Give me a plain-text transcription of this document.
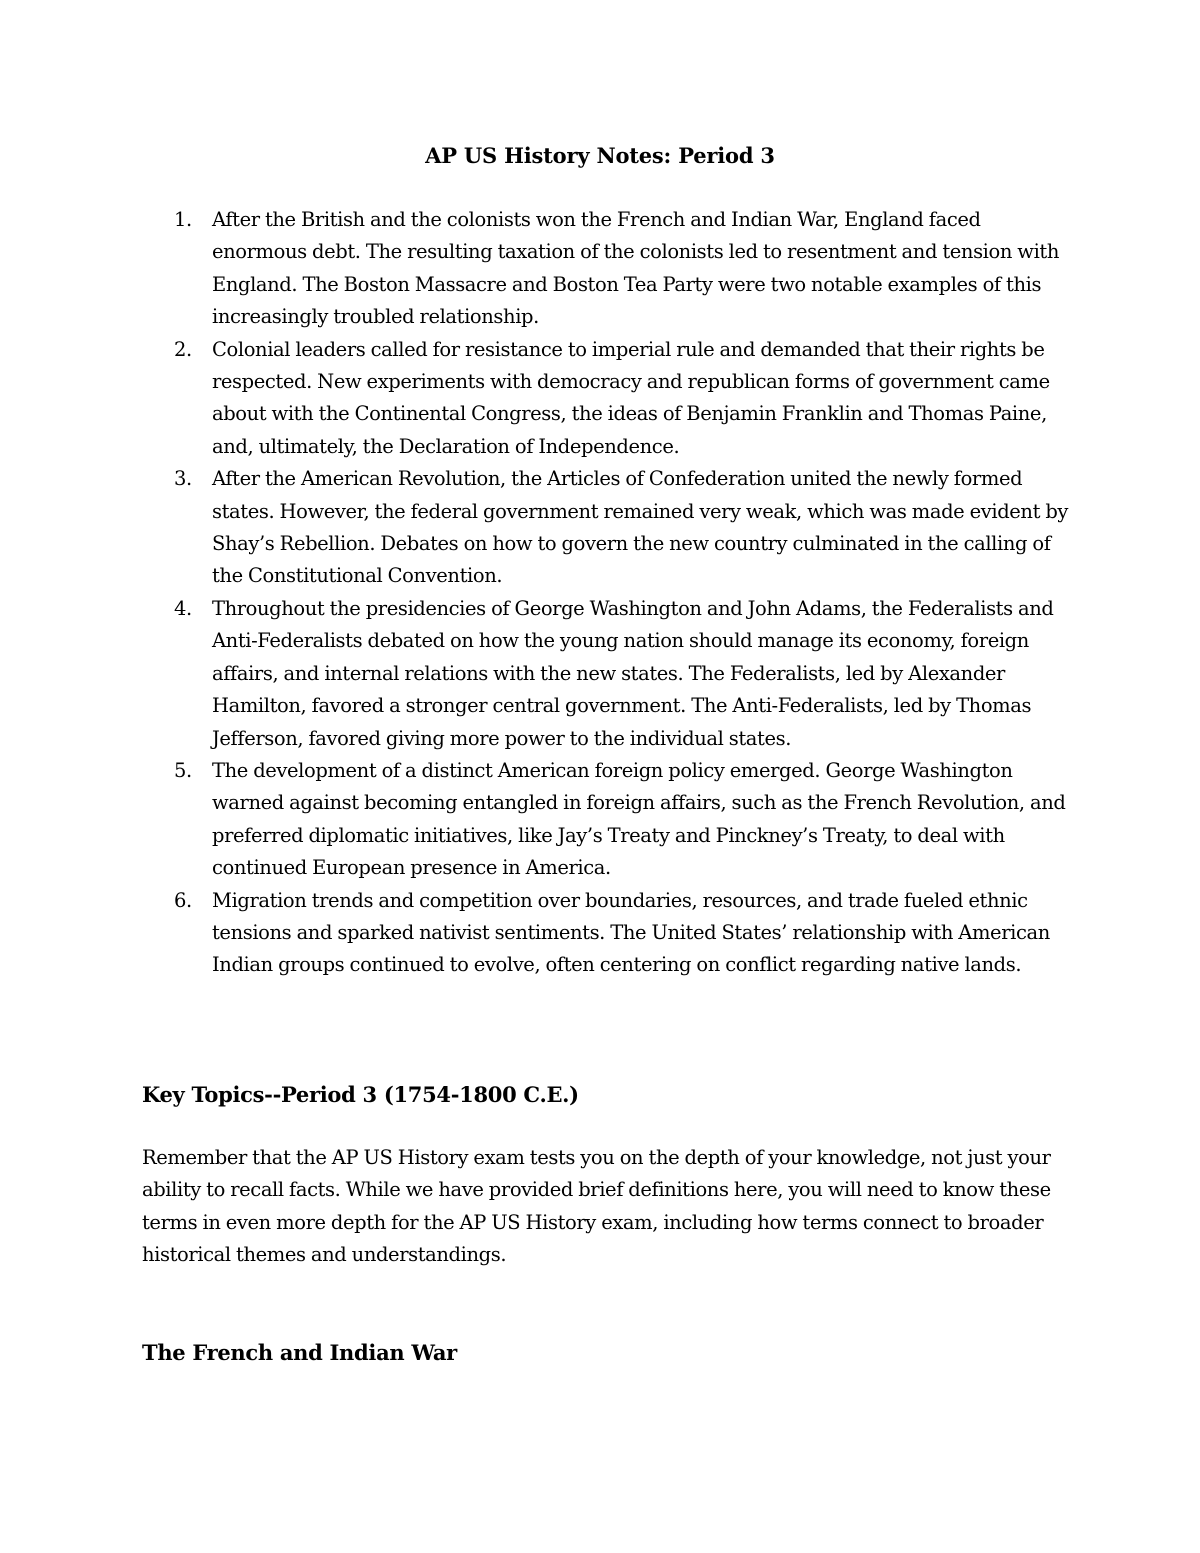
AP US History Notes: Period 3
1.	After the British and the colonists won the French and Indian War, England faced enormous debt. The resulting taxation of the colonists led to resentment and tension with England. The Boston Massacre and Boston Tea Party were two notable examples of this increasingly troubled relationship.
2.	Colonial leaders called for resistance to imperial rule and demanded that their rights be respected. New experiments with democracy and republican forms of government came about with the Continental Congress, the ideas of Benjamin Franklin and Thomas Paine, and, ultimately, the Declaration of Independence.
3.	After the American Revolution, the Articles of Confederation united the newly formed states. However, the federal government remained very weak, which was made evident by Shay’s Rebellion. Debates on how to govern the new country culminated in the calling of the Constitutional Convention.
4.	Throughout the presidencies of George Washington and John Adams, the Federalists and Anti-Federalists debated on how the young nation should manage its economy, foreign affairs, and internal relations with the new states. The Federalists, led by Alexander Hamilton, favored a stronger central government. The Anti-Federalists, led by Thomas Jefferson, favored giving more power to the individual states.
5.	The development of a distinct American foreign policy emerged. George Washington warned against becoming entangled in foreign affairs, such as the French Revolution, and preferred diplomatic initiatives, like Jay’s Treaty and Pinckney’s Treaty, to deal with continued European presence in America.
6.	Migration trends and competition over boundaries, resources, and trade fueled ethnic tensions and sparked nativist sentiments. The United States’ relationship with American Indian groups continued to evolve, often centering on conflict regarding native lands.
Key Topics--Period 3 (1754-1800 C.E.)

Remember that the AP US History exam tests you on the depth of your knowledge, not just your ability to recall facts. While we have provided brief definitions here, you will need to know these terms in even more depth for the AP US History exam, including how terms connect to broader historical themes and understandings.

The French and Indian War
